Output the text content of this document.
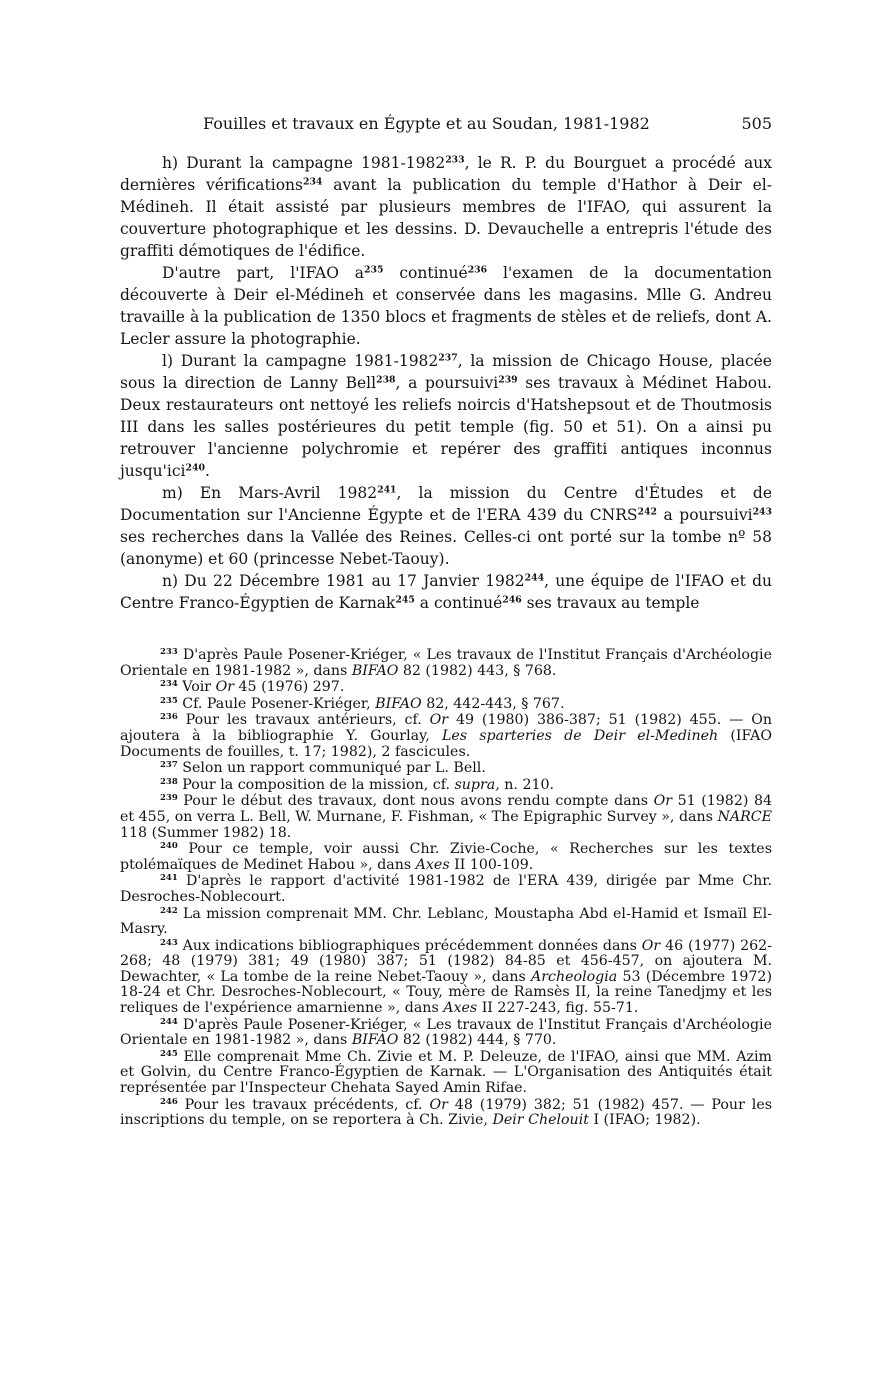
Fouilles et travaux en Égypte et au Soudan, 1981-1982	505

h) Durant la campagne 1981-1982$^{233}$, le R. P. du Bourguet a procédé aux dernières vérifications$^{234}$ avant la publication du temple d'Hathor à Deir el-Médineh. Il était assisté par plusieurs membres de l'IFAO, qui assurent la couverture photographique et les dessins. D. Devauchelle a entrepris l'étude des graffiti démotiques de l'édifice.

D'autre part, l'IFAO $a^{235}$ continué$^{236}$ l'examen de la documentation découverte à Deir el-Médineh et conservée dans les magasins. Mlle G. Andreu travaille à la publication de 1350 blocs et fragments de stèles et de reliefs, dont A. Lecler assure la photographie.

l) Durant la campagne 1981-1982$^{237}$, la mission de Chicago House, placée sous la direction de Lanny Bell$^{238}$, a poursuivi$^{239}$ ses travaux à Médinet Habou. Deux restaurateurs ont nettoyé les reliefs noircis d'Hatshepsout et de Thoutmosis III dans les salles postérieures du petit temple (fig. 50 et 51). On a ainsi pu retrouver l'ancienne polychromie et repérer des graffiti antiques inconnus jusqu'ici$^{240}$.

m) En Mars-Avril 1982$^{241}$, la mission du Centre d'Études et de Documentation sur l'Ancienne Égypte et de l'ERA 439 du CNRS$^{242}$ a poursuivi$^{243}$ ses recherches dans la Vallée des Reines. Celles-ci ont porté sur la tombe nº 58 (anonyme) et 60 (princesse Nebet-Taouy).

n) Du 22 Décembre 1981 au 17 Janvier 1982$^{244}$, une équipe de l'IFAO et du Centre Franco-Égyptien de Karnak$^{245}$ a continué$^{246}$ ses travaux au temple

$^{233}$ D'après Paule Posener-Kriéger, « Les travaux de l'Institut Français d'Archéologie Orientale en 1981-1982 », dans BIFAO 82 (1982) 443, § 768.

$^{234}$ Voir Or 45 (1976) 297.

$^{235}$ Cf. Paule Posener-Kriéger, BIFAO 82, 442-443, § 767.

$^{236}$ Pour les travaux antérieurs, cf. Or 49 (1980) 386-387; 51 (1982) 455. — On ajoutera à la bibliographie Y. Gourlay, Les sparteries de Deir el-Medineh (IFAO Documents de fouilles, t. 17; 1982), 2 fascicules.

$^{237}$ Selon un rapport communiqué par L. Bell.

$^{238}$ Pour la composition de la mission, cf. supra, n. 210.

$^{239}$ Pour le début des travaux, dont nous avons rendu compte dans Or 51 (1982) 84 et 455, on verra L. Bell, W. Murnane, F. Fishman, « The Epigraphic Survey », dans NARCE 118 (Summer 1982) 18.

$^{240}$ Pour ce temple, voir aussi Chr. Zivie-Coche, « Recherches sur les textes ptolémaïques de Medinet Habou », dans Axes II 100-109.

$^{241}$ D'après le rapport d'activité 1981-1982 de l'ERA 439, dirigée par Mme Chr. Desroches-Noblecourt.

$^{242}$ La mission comprenait MM. Chr. Leblanc, Moustapha Abd el-Hamid et Ismaïl El-Masry.

$^{243}$ Aux indications bibliographiques précédemment données dans Or 46 (1977) 262-268; 48 (1979) 381; 49 (1980) 387; 51 (1982) 84-85 et 456-457, on ajoutera M. Dewachter, « La tombe de la reine Nebet-Taouy », dans Archeologia 53 (Décembre 1972) 18-24 et Chr. Desroches-Noblecourt, « Touy, mère de Ramsès II, la reine Tanedjmy et les reliques de l'expérience amarnienne », dans Axes II 227-243, fig. 55-71.

$^{244}$ D'après Paule Posener-Kriéger, « Les travaux de l'Institut Français d'Archéologie Orientale en 1981-1982 », dans BIFAO 82 (1982) 444, § 770.

$^{245}$ Elle comprenait Mme Ch. Zivie et M. P. Deleuze, de l'IFAO, ainsi que MM. Azim et Golvin, du Centre Franco-Égyptien de Karnak. — L'Organisation des Antiquités était représentée par l'Inspecteur Chehata Sayed Amin Rifae.

$^{246}$ Pour les travaux précédents, cf. Or 48 (1979) 382; 51 (1982) 457. — Pour les inscriptions du temple, on se reportera à Ch. Zivie, Deir Chelouit I (IFAO; 1982).
